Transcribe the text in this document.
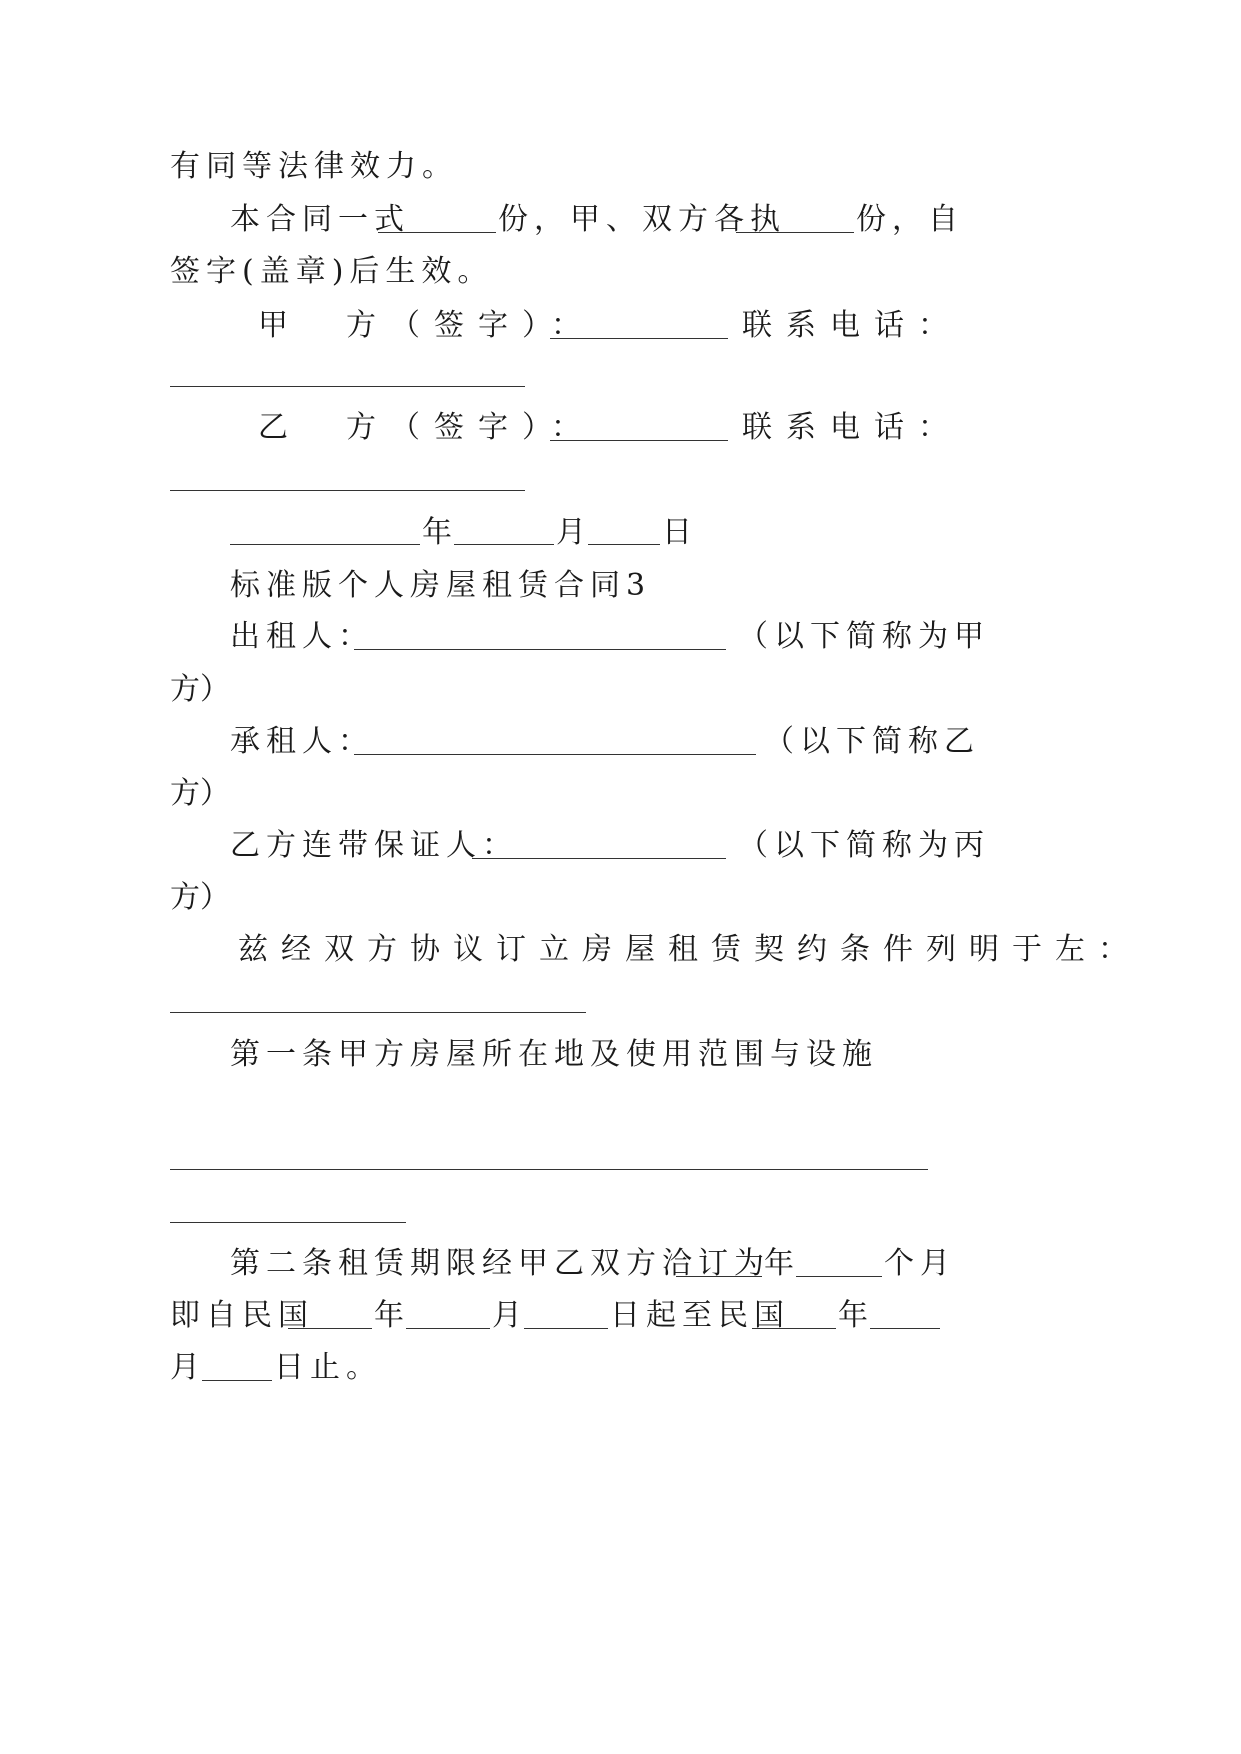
有同等法律效力。
本合同一式	份，甲、双方各执 份，自
签字(盖章)后生效。
甲　方（签字）：	联系电话：
乙　方（签字）：	联系电话：
年	月	日
标准版个人房屋租赁合同3
出租人：	（以下简称为甲
方）
承租人：	（以下简称乙
方）
乙方连带保证人：	（以下简称为丙
方）
兹经双方协议订立房屋租赁契约条件列明于左：
第一条甲方房屋所在地及使用范围与设施
第二条租赁期限经甲乙双方洽订为
年	个月
即自民国 年	月	日起至民国 年
月 日止。
